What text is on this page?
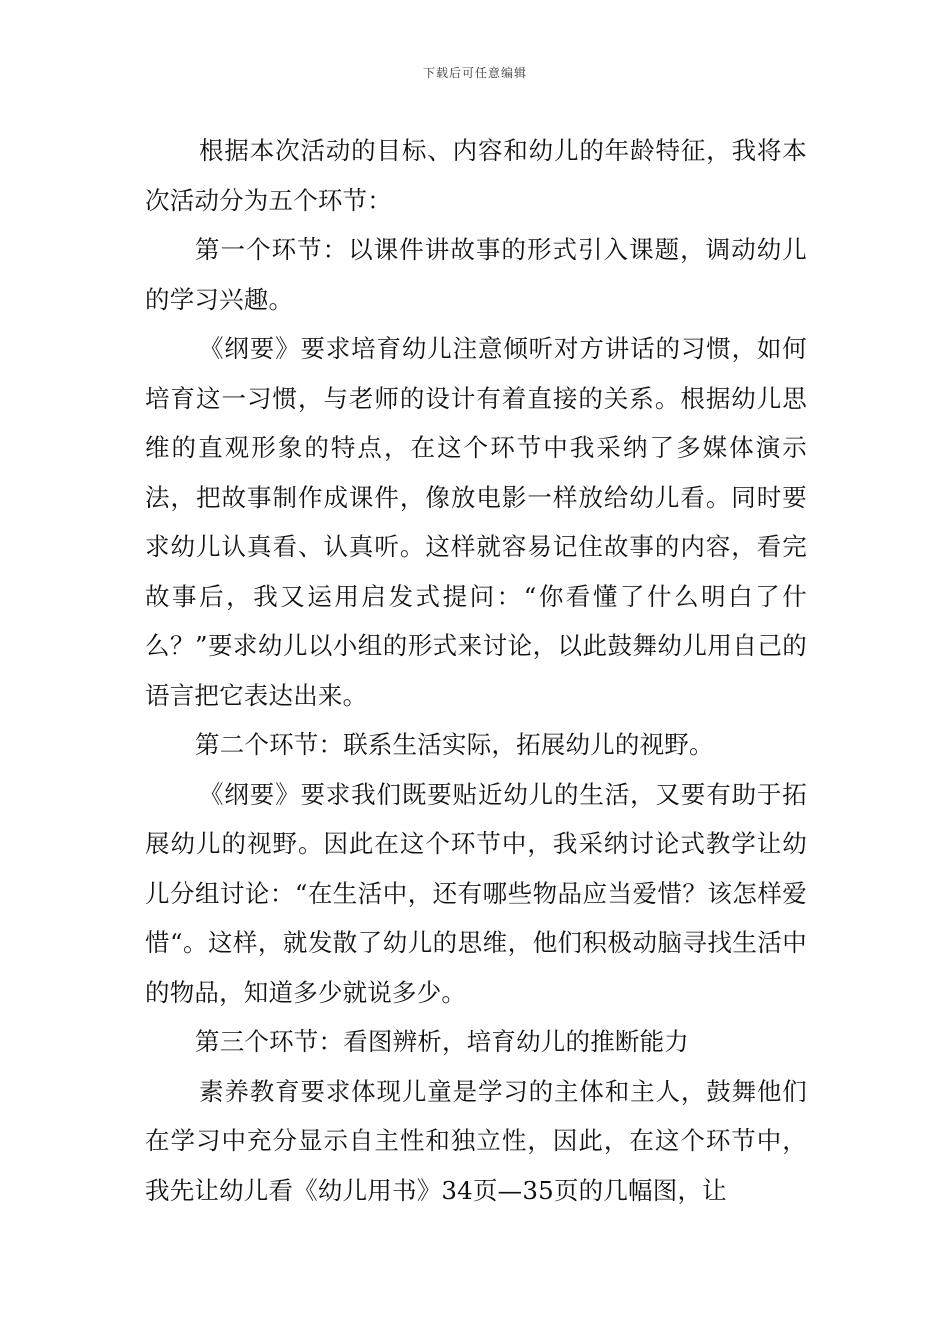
下载后可任意编辑

根据本次活动的目标、内容和幼儿的年龄特征，我将本次活动分为五个环节：

第一个环节：以课件讲故事的形式引入课题，调动幼儿的学习兴趣。

《纲要》要求培育幼儿注意倾听对方讲话的习惯，如何培育这一习惯，与老师的设计有着直接的关系。根据幼儿思维的直观形象的特点，在这个环节中我采纳了多媒体演示法，把故事制作成课件，像放电影一样放给幼儿看。同时要求幼儿认真看、认真听。这样就容易记住故事的内容，看完故事后，我又运用启发式提问：“你看懂了什么明白了什么？”要求幼儿以小组的形式来讨论，以此鼓舞幼儿用自己的语言把它表达出来。

第二个环节：联系生活实际，拓展幼儿的视野。

《纲要》要求我们既要贴近幼儿的生活，又要有助于拓展幼儿的视野。因此在这个环节中，我采纳讨论式教学让幼儿分组讨论：“在生活中，还有哪些物品应当爱惜？该怎样爱惜“。这样，就发散了幼儿的思维，他们积极动脑寻找生活中的物品，知道多少就说多少。

第三个环节：看图辨析，培育幼儿的推断能力

素养教育要求体现儿童是学习的主体和主人，鼓舞他们在学习中充分显示自主性和独立性，因此，在这个环节中，我先让幼儿看《幼儿用书》34页—35页的几幅图，让
